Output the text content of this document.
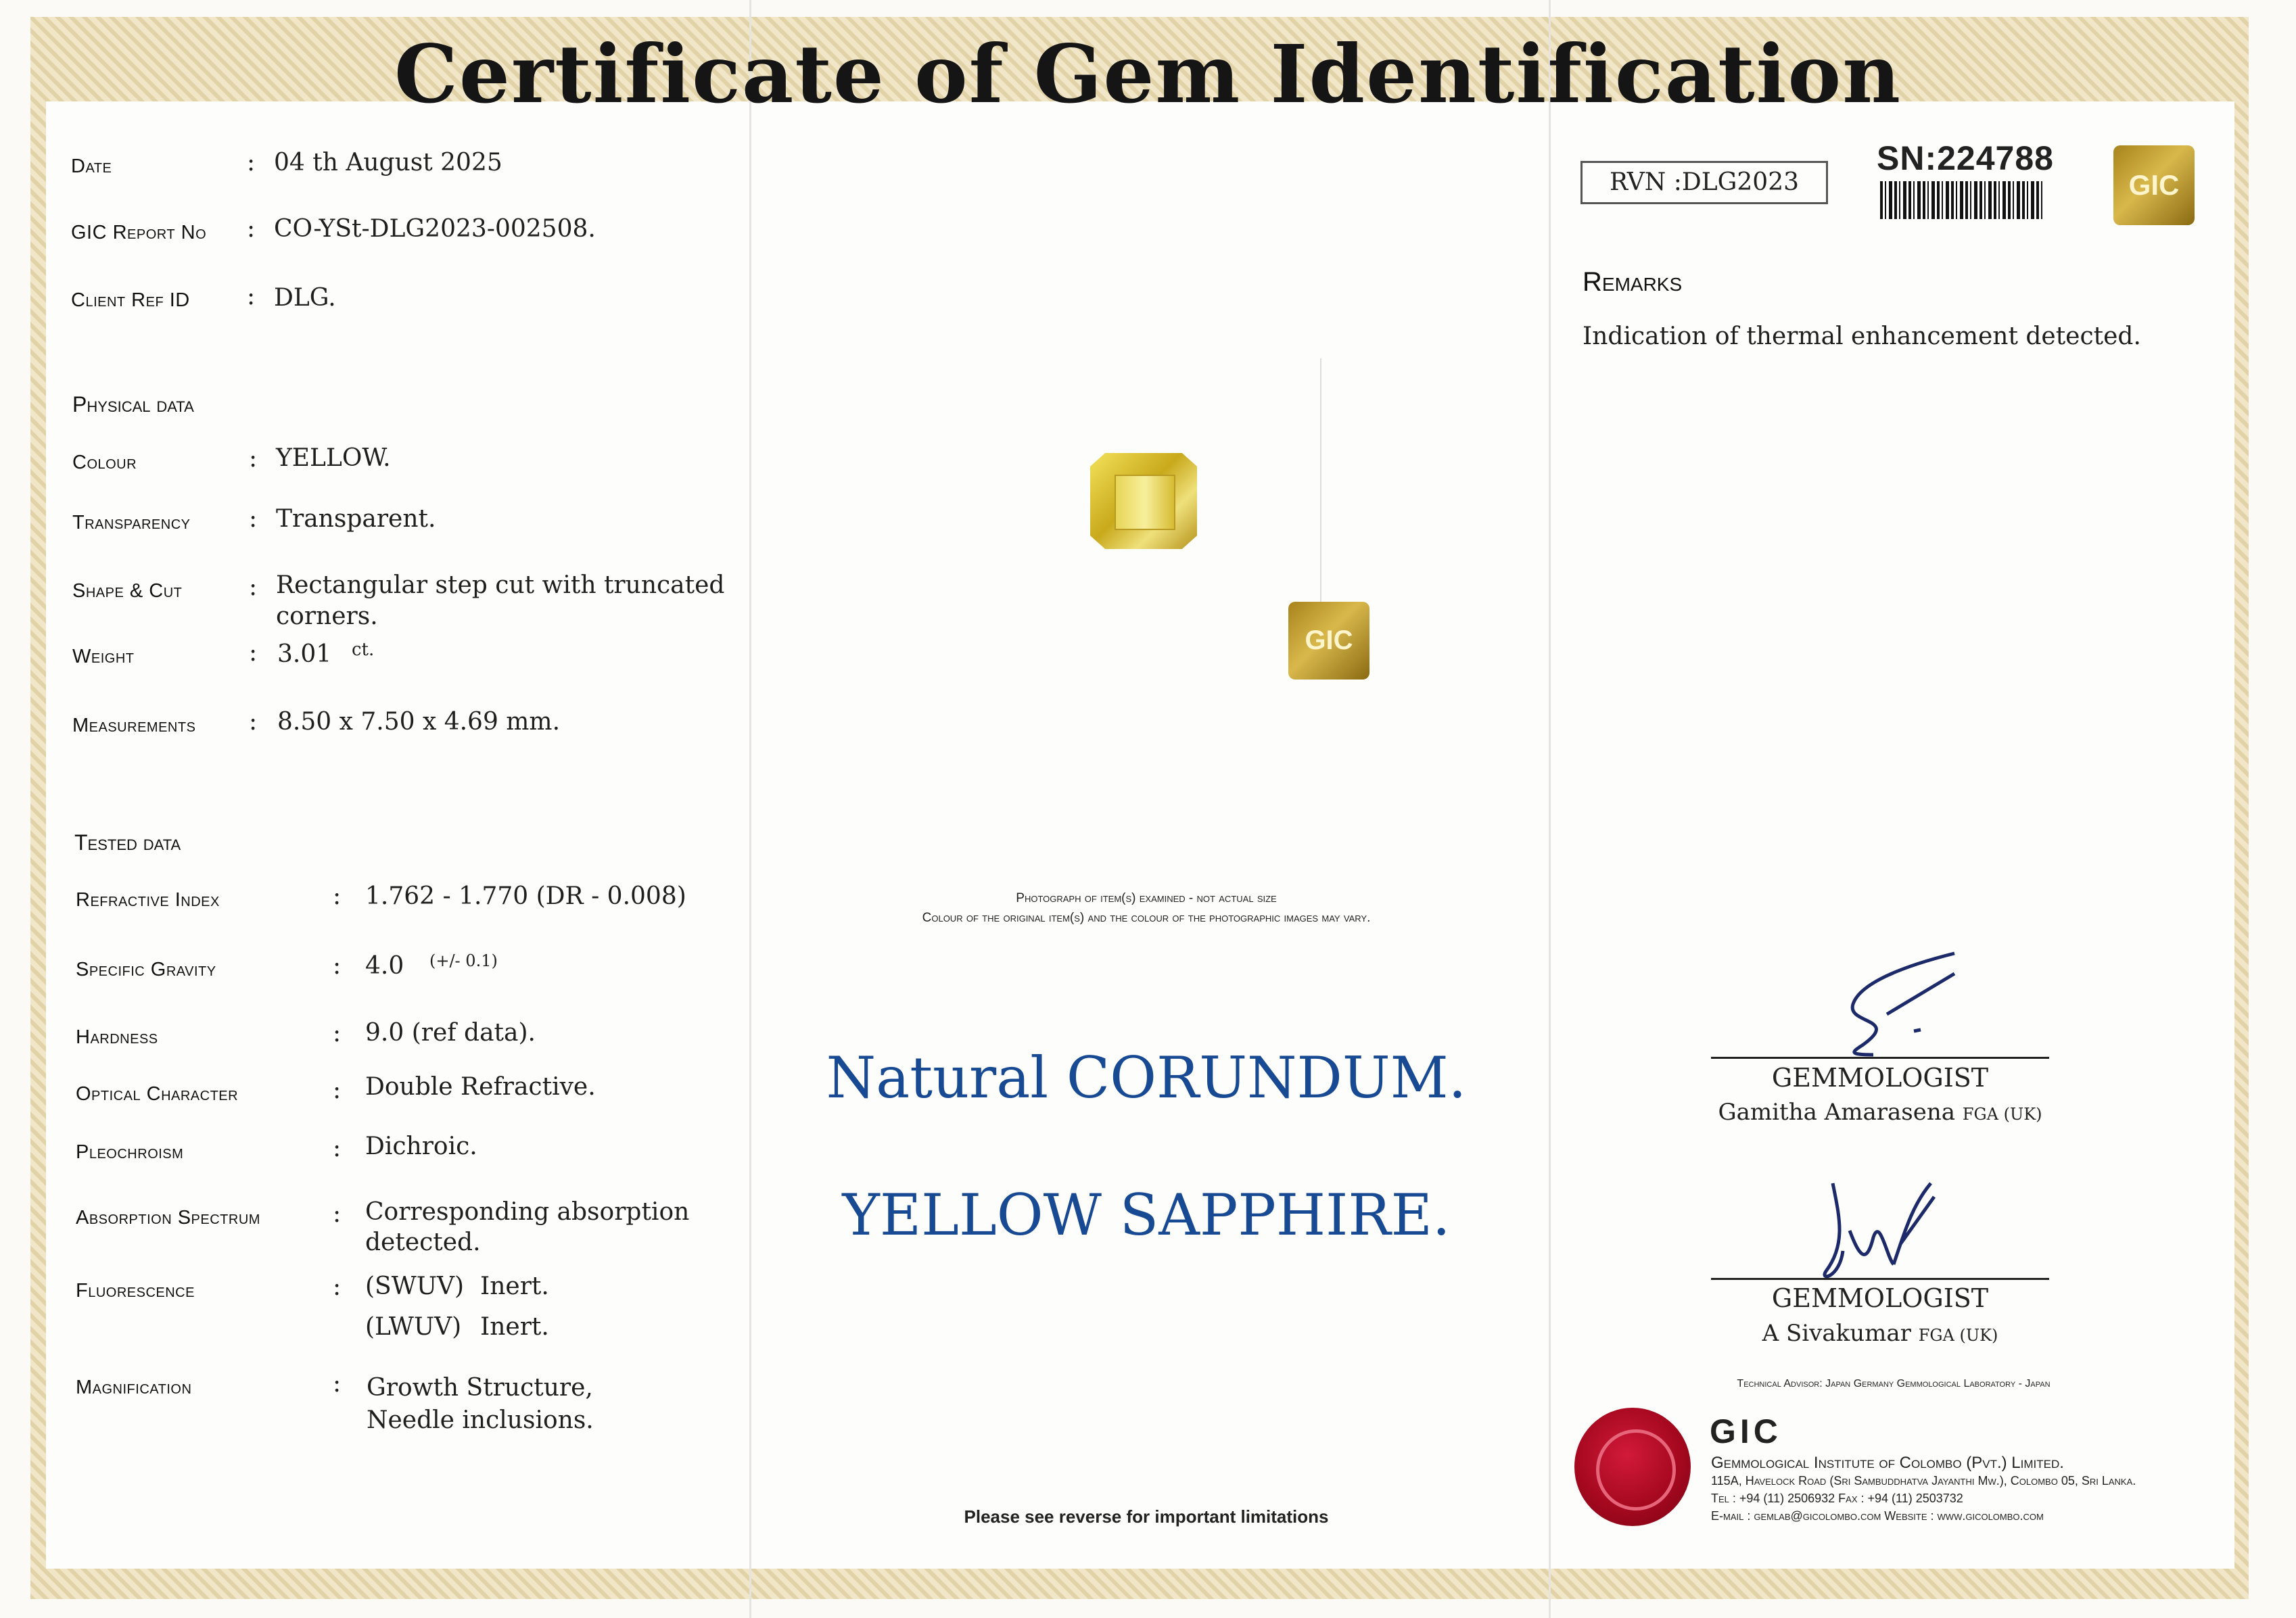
Certificate of Gem Identification
Date	: 04 th August 2025
GIC Report No : CO-YSt-DLG2023-002508.
Client Ref ID : DLG.
Physical data
Colour	: YELLOW.
Transparency : Transparent.
Shape & Cut	: Rectangular step cut with truncated
corners.
Weight	: 3.01 ct.
Measurements : 8.50 x 7.50 x 4.69 mm.
Tested data
Refractive Index	: 1.762 - 1.770 (DR - 0.008)
Specific Gravity	: 4.0 (+/- 0.1)
Hardness	: 9.0 (ref data).
Optical Character	: Double Refractive.
Pleochroism	: Dichroic.
Absorption Spectrum	: Corresponding absorption
detected.
Fluorescence	: (SWUV) Inert.
(LWUV) Inert.
Magnification	: Growth Structure,
Needle inclusions.
GIC
Photograph of item(s) examined - not actual size
Colour of the original item(s) and the colour of the photographic images may vary.
Natural CORUNDUM.
YELLOW SAPPHIRE.
Please see reverse for important limitations
RVN :DLG2023
SN:224788
GIC
Remarks
Indication of thermal enhancement detected.
GEMMOLOGIST
Gamitha Amarasena FGA (UK)
GEMMOLOGIST
A Sivakumar FGA (UK)
Technical Advisor: Japan Germany Gemmological Laboratory - Japan
GIC
Gemmological Institute of Colombo (Pvt.) Limited.
115A, Havelock Road (Sri Sambuddhatva Jayanthi Mw.), Colombo 05, Sri Lanka.
Tel : +94 (11) 2506932 Fax : +94 (11) 2503732
E-mail : gemlab@gicolombo.com Website : www.gicolombo.com
